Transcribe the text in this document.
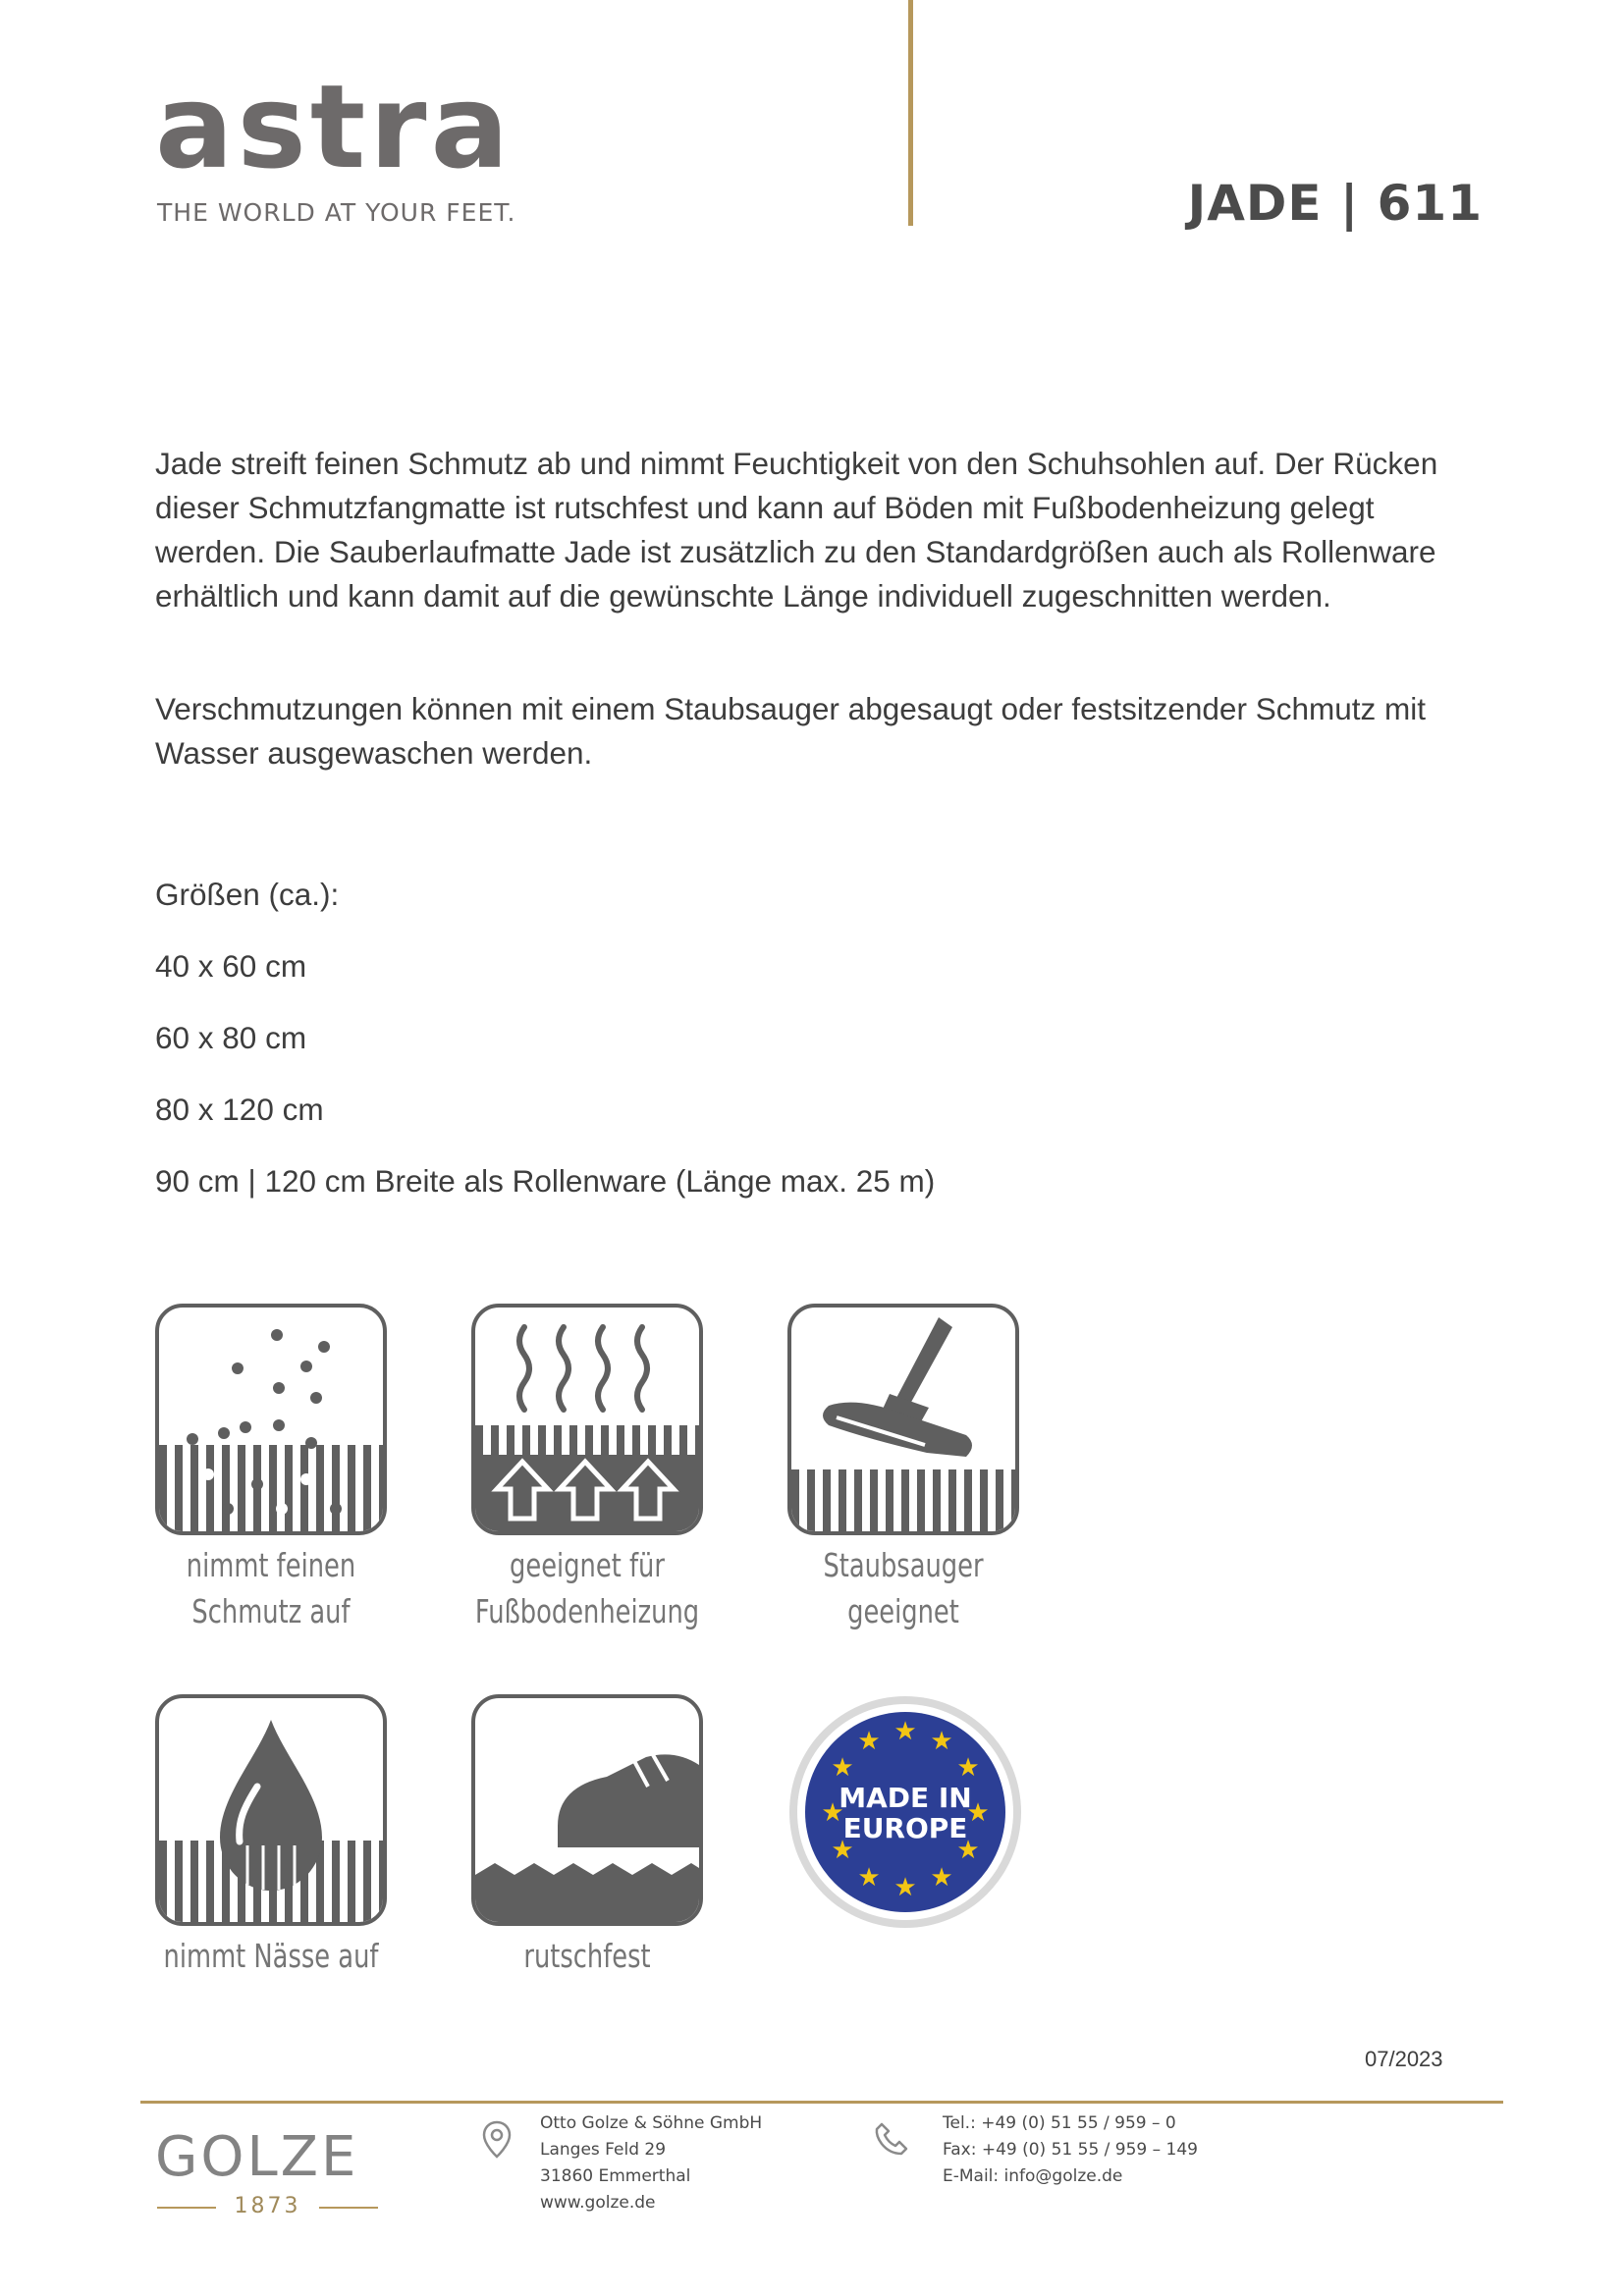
astra
THE WORLD AT YOUR FEET.	JADE | 611
Jade streift feinen Schmutz ab und nimmt Feuchtigkeit von den Schuhsohlen auf. Der Rücken dieser Schmutzfangmatte ist rutschfest und kann auf Böden mit Fußbodenheizung gelegt werden. Die Sauberlaufmatte Jade ist zusätzlich zu den Standardgrößen auch als Rollenware erhältlich und kann damit auf die gewünschte Länge individuell zugeschnitten werden.
Verschmutzungen können mit einem Staubsauger abgesaugt oder festsitzender Schmutz mit Wasser ausgewaschen werden.
Größen (ca.):
40 x 60 cm
60 x 80 cm
80 x 120 cm
90 cm | 120 cm Breite als Rollenware (Länge max. 25 m)
nimmt feinen
Schmutz auf
geeignet für
Fußbodenheizung
Staubsauger
geeignet
nimmt Nässe auf	rutschfest
★ ★
★
★
★
★
★
★
★
★
★
★
MADE IN
EUROPE
07/2023
GOLZE
1873
Otto Golze & Söhne GmbH
Langes Feld 29
31860 Emmerthal
www.golze.de
Tel.: +49 (0) 51 55 / 959 – 0
Fax: +49 (0) 51 55 / 959 – 149
E-Mail: info@golze.de
